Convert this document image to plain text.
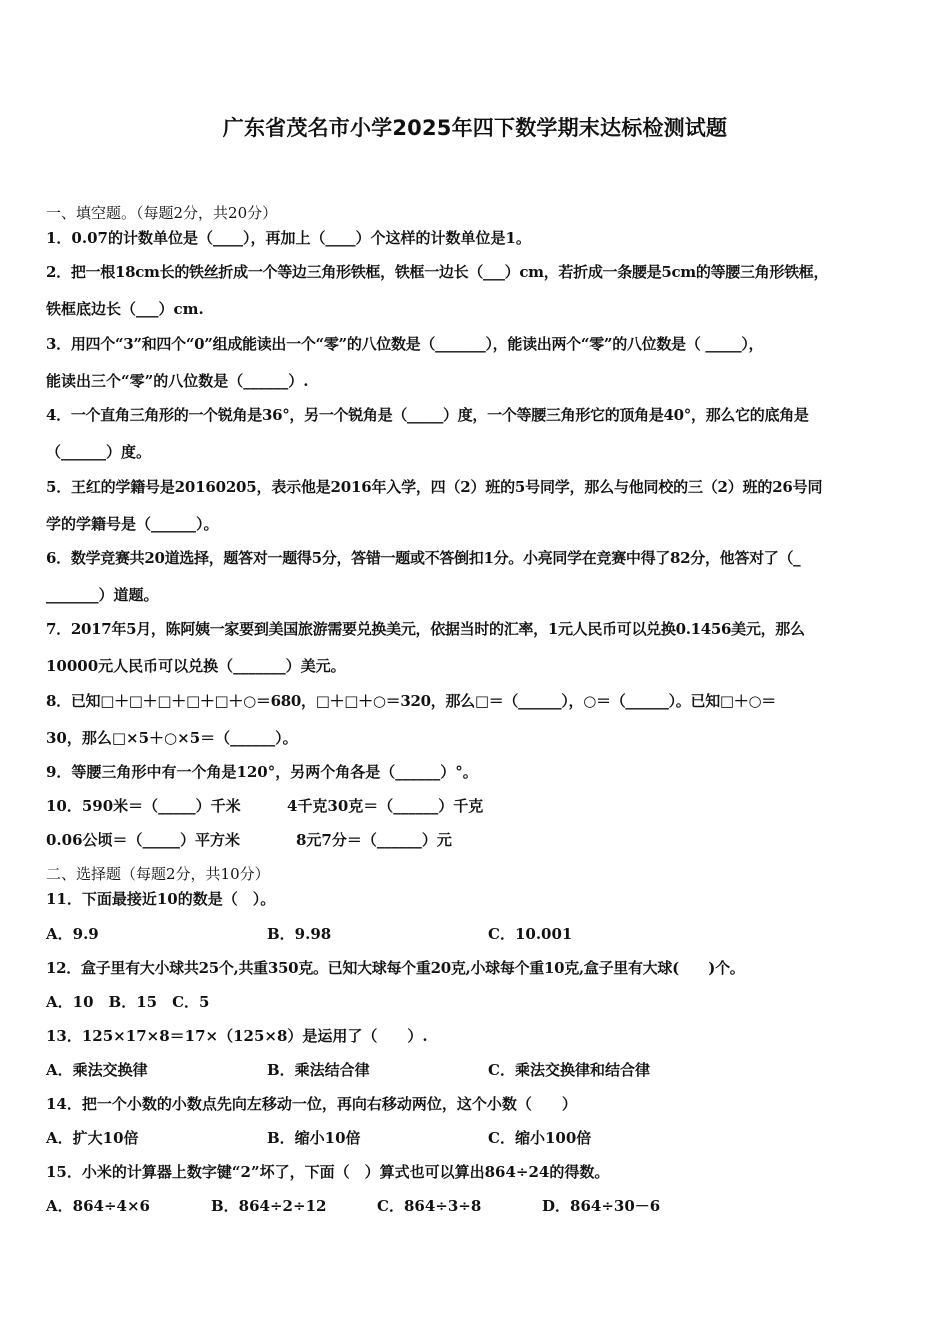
广东省茂名市小学2025年四下数学期末达标检测试题
一、填空题。（每题2分，共20分）
1．0.07的计数单位是（____），再加上（____）个这样的计数单位是1。
2．把一根18cm长的铁丝折成一个等边三角形铁框，铁框一边长（___）cm，若折成一条腰是5cm的等腰三角形铁框，
铁框底边长（___）cm.
3．用四个“3”和四个“0”组成能读出一个“零”的八位数是（_______），能读出两个“零”的八位数是（ _____），
能读出三个“零”的八位数是（______）.
4．一个直角三角形的一个锐角是36°，另一个锐角是（_____）度，一个等腰三角形它的顶角是40°，那么它的底角是
（______）度。
5．王红的学籍号是20160205，表示他是2016年入学，四（2）班的5号同学，那么与他同校的三（2）班的26号同
学的学籍号是（______）。
6．数学竞赛共20道选择，题答对一题得5分，答错一题或不答倒扣1分。小亮同学在竞赛中得了82分，他答对了（_
_______）道题。
7．2017年5月，陈阿姨一家要到美国旅游需要兑换美元，依据当时的汇率，1元人民币可以兑换0.1456美元，那么
10000元人民币可以兑换（_______）美元。
8．已知□＋□＋□＋□＋□＋○＝680，□＋□＋○＝320，那么□＝（______），○＝（______）。已知□＋○＝
30，那么□×5＋○×5＝（______）。
9．等腰三角形中有一个角是120°，另两个角各是（______）°。
10．590米＝（_____）千米	4千克30克＝（______）千克
0.06公顷＝（_____）平方米	8元7分＝（______）元
二、选择题（每题2分，共10分）
11．下面最接近10的数是（　）。
A．9.9	B．9.98	C．10.001
12．盒子里有大小球共25个,共重350克。已知大球每个重20克,小球每个重10克,盒子里有大球(　　)个。
A．10　B．15　C．5
13．125×17×8＝17×（125×8）是运用了（　　）.
A．乘法交换律	B．乘法结合律	C．乘法交换律和结合律
14．把一个小数的小数点先向左移动一位，再向右移动两位，这个小数（　　）
A．扩大10倍	B．缩小10倍	C．缩小100倍
15．小米的计算器上数字键“2”坏了，下面（　）算式也可以算出864÷24的得数。
A．864÷4×6	B．864÷2÷12	C．864÷3÷8	D．864÷30－6
